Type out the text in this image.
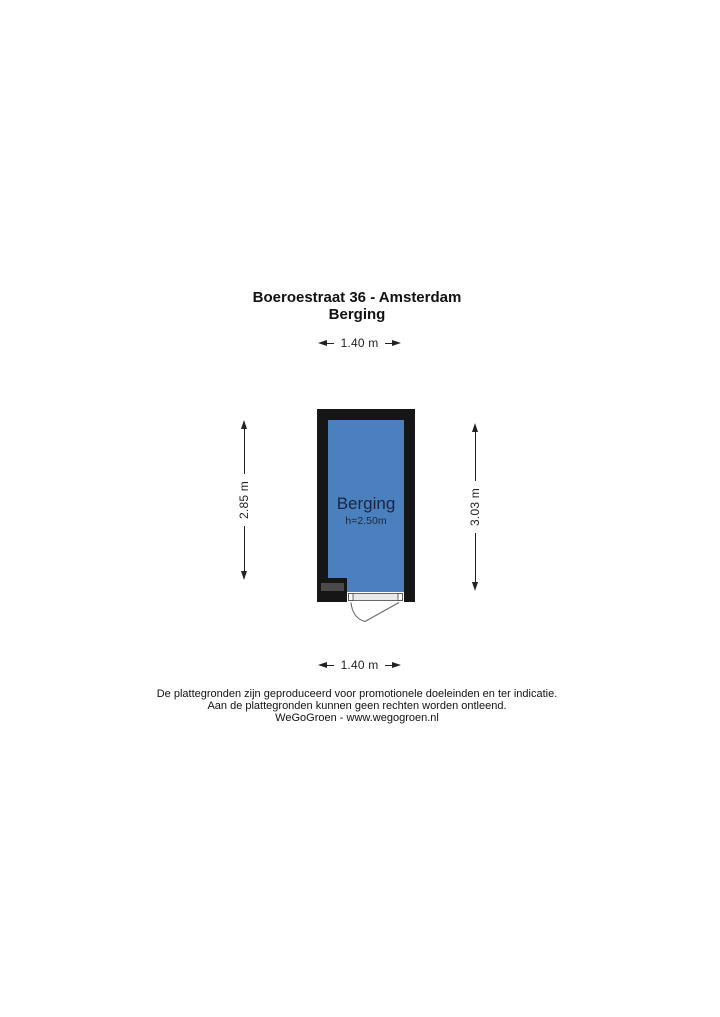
Boeroestraat 36 - Amsterdam
Berging
1.40 m
2.85 m	3.03 m
1.40 m
Berging
h=2.50m
De plattegronden zijn geproduceerd voor promotionele doeleinden en ter indicatie.
Aan de plattegronden kunnen geen rechten worden ontleend.
WeGoGroen - www.wegogroen.nl
